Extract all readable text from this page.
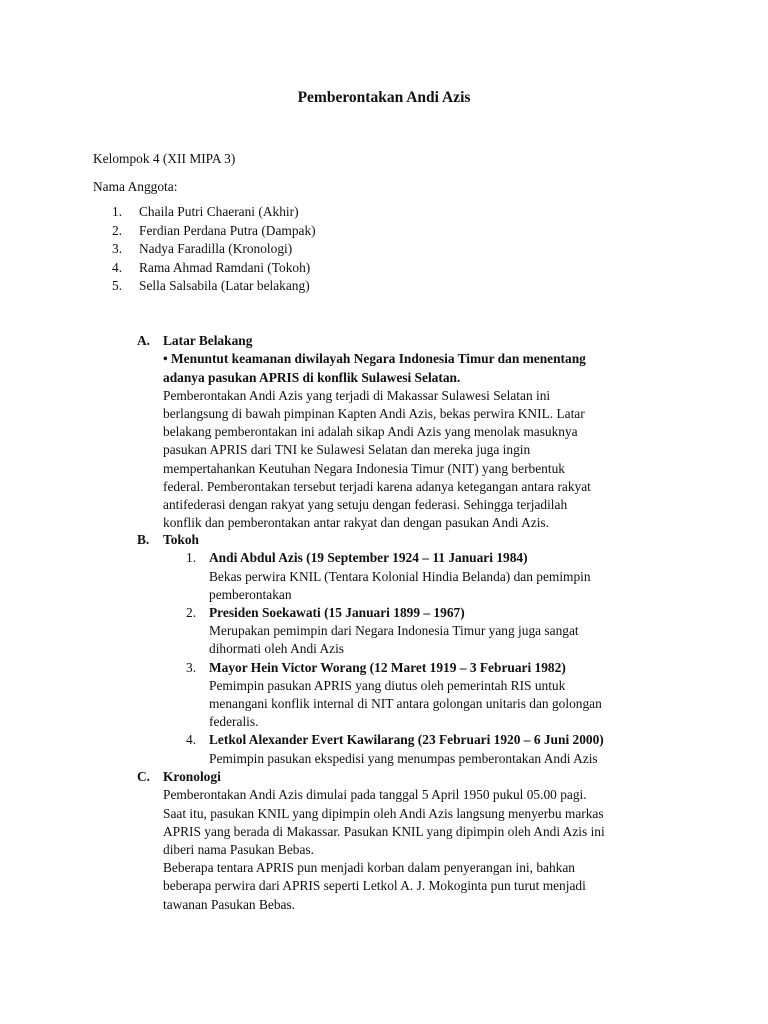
Pemberontakan Andi Azis
Kelompok 4 (XII MIPA 3)
Nama Anggota:
1.	Chaila Putri Chaerani (Akhir)
2.	Ferdian Perdana Putra (Dampak)
3.	Nadya Faradilla (Kronologi)
4.	Rama Ahmad Ramdani (Tokoh)
5.	Sella Salsabila (Latar belakang)
A. Latar Belakang
• Menuntut keamanan diwilayah Negara Indonesia Timur dan menentang
adanya pasukan APRIS di konflik Sulawesi Selatan.
Pemberontakan Andi Azis yang terjadi di Makassar Sulawesi Selatan ini
berlangsung di bawah pimpinan Kapten Andi Azis, bekas perwira KNIL. Latar
belakang pemberontakan ini adalah sikap Andi Azis yang menolak masuknya
pasukan APRIS dari TNI ke Sulawesi Selatan dan mereka juga ingin
mempertahankan Keutuhan Negara Indonesia Timur (NIT) yang berbentuk
federal. Pemberontakan tersebut terjadi karena adanya ketegangan antara rakyat
antifederasi dengan rakyat yang setuju dengan federasi. Sehingga terjadilah
konflik dan pemberontakan antar rakyat dan dengan pasukan Andi Azis.
B. Tokoh
1. Andi Abdul Azis (19 September 1924 – 11 Januari 1984)
Bekas perwira KNIL (Tentara Kolonial Hindia Belanda) dan pemimpin
pemberontakan
2. Presiden Soekawati (15 Januari 1899 – 1967)
Merupakan pemimpin dari Negara Indonesia Timur yang juga sangat
dihormati oleh Andi Azis
3. Mayor Hein Victor Worang (12 Maret 1919 – 3 Februari 1982)
Pemimpin pasukan APRIS yang diutus oleh pemerintah RIS untuk
menangani konflik internal di NIT antara golongan unitaris dan golongan
federalis.
4. Letkol Alexander Evert Kawilarang (23 Februari 1920 – 6 Juni 2000)
Pemimpin pasukan ekspedisi yang menumpas pemberontakan Andi Azis
C. Kronologi
Pemberontakan Andi Azis dimulai pada tanggal 5 April 1950 pukul 05.00 pagi.
Saat itu, pasukan KNIL yang dipimpin oleh Andi Azis langsung menyerbu markas
APRIS yang berada di Makassar. Pasukan KNIL yang dipimpin oleh Andi Azis ini
diberi nama Pasukan Bebas.
Beberapa tentara APRIS pun menjadi korban dalam penyerangan ini, bahkan
beberapa perwira dari APRIS seperti Letkol A. J. Mokoginta pun turut menjadi
tawanan Pasukan Bebas.
